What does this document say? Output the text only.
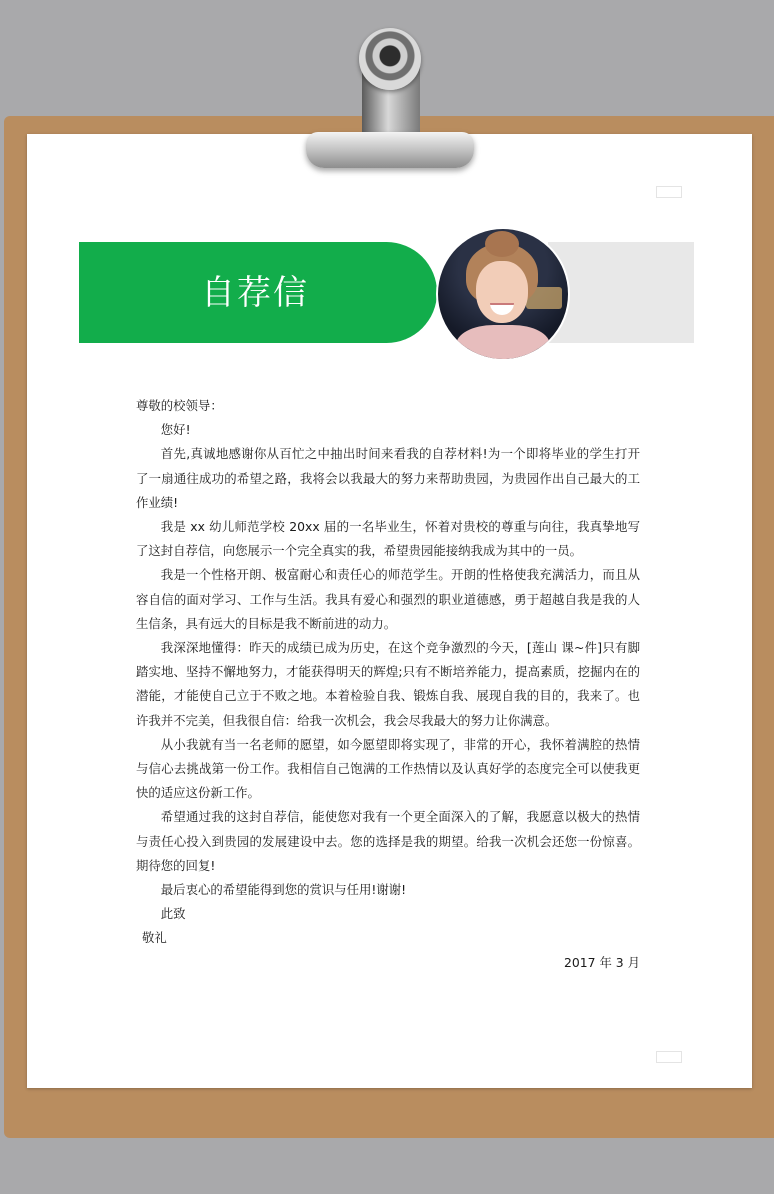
自荐信

尊敬的校领导：

您好!

首先,真诚地感谢你从百忙之中抽出时间来看我的自荐材料!为一个即将毕业的学生打开了一扇通往成功的希望之路，我将会以我最大的努力来帮助贵园，为贵园作出自己最大的工作业绩!

我是 xx 幼儿师范学校 20xx 届的一名毕业生，怀着对贵校的尊重与向往，我真挚地写了这封自荐信，向您展示一个完全真实的我，希望贵园能接纳我成为其中的一员。

我是一个性格开朗、极富耐心和责任心的师范学生。开朗的性格使我充满活力，而且从容自信的面对学习、工作与生活。我具有爱心和强烈的职业道德感，勇于超越自我是我的人生信条，具有远大的目标是我不断前进的动力。

我深深地懂得：昨天的成绩已成为历史，在这个竞争激烈的今天，[莲山 课~件]只有脚踏实地、坚持不懈地努力，才能获得明天的辉煌;只有不断培养能力，提高素质，挖掘内在的潜能，才能使自己立于不败之地。本着检验自我、锻炼自我、展现自我的目的，我来了。也许我并不完美，但我很自信：给我一次机会，我会尽我最大的努力让你满意。

从小我就有当一名老师的愿望，如今愿望即将实现了，非常的开心，我怀着满腔的热情与信心去挑战第一份工作。我相信自己饱满的工作热情以及认真好学的态度完全可以使我更快的适应这份新工作。

希望通过我的这封自荐信，能使您对我有一个更全面深入的了解，我愿意以极大的热情与责任心投入到贵园的发展建设中去。您的选择是我的期望。给我一次机会还您一份惊喜。期待您的回复!

最后衷心的希望能得到您的赏识与任用!谢谢!

此致

敬礼

2017 年 3 月
